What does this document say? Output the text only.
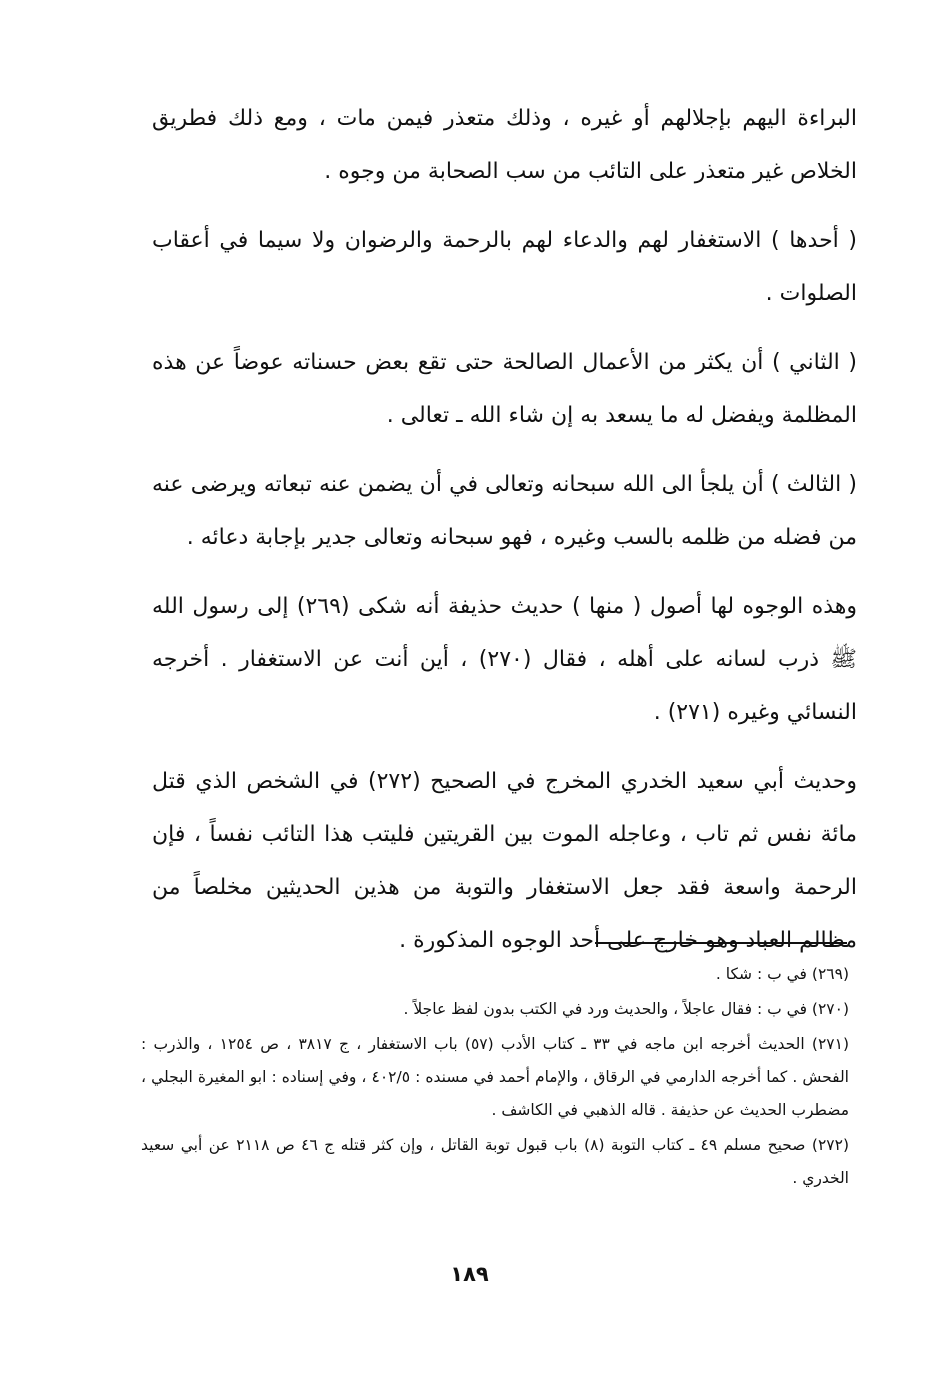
البراءة اليهم بإجلالهم أو غيره ، وذلك متعذر فيمن مات ، ومع ذلك فطريق الخلاص غير متعذر على التائب من سب الصحابة من وجوه .

( أحدها ) الاستغفار لهم والدعاء لهم بالرحمة والرضوان ولا سيما في أعقاب الصلوات .

( الثاني ) أن يكثر من الأعمال الصالحة حتى تقع بعض حسناته عوضاً عن هذه المظلمة ويفضل له ما يسعد به إن شاء الله ـ تعالى .

( الثالث ) أن يلجأ الى الله سبحانه وتعالى في أن يضمن عنه تبعاته ويرضى عنه من فضله من ظلمه بالسب وغيره ، فهو سبحانه وتعالى جدير بإجابة دعائه .

وهذه الوجوه لها أصول ( منها ) حديث حذيفة أنه شكى (٢٦٩) إلى رسول الله ﷺ ذرب لسانه على أهله ، فقال (٢٧٠) ، أين أنت عن الاستغفار . أخرجه النسائي وغيره (٢٧١) .

وحديث أبي سعيد الخدري المخرج في الصحيح (٢٧٢) في الشخص الذي قتل مائة نفس ثم تاب ، وعاجله الموت بين القريتين فليتب هذا التائب نفساً ، فإن الرحمة واسعة فقد جعل الاستغفار والتوبة من هذين الحديثين مخلصاً من مظالم العباد وهو خارج على أحد الوجوه المذكورة .

(٢٦٩) في ب : شكا .

(٢٧٠) في ب : فقال عاجلاً ، والحديث ورد في الكتب بدون لفظ عاجلاً .

(٢٧١) الحديث أخرجه ابن ماجه في ٣٣ ـ كتاب الأدب (٥٧) باب الاستغفار ، ج ٣٨١٧ ، ص ١٢٥٤ ، والذرب : الفحش . كما أخرجه الدارمي في الرقاق ، والإمام أحمد في مسنده : ٤٠٢/٥ ، وفي إسناده : ابو المغيرة البجلي ، مضطرب الحديث عن حذيفة . قاله الذهبي في الكاشف .

(٢٧٢) صحيح مسلم ٤٩ ـ كتاب التوبة (٨) باب قبول توبة القاتل ، وإن كثر قتله ج ٤٦ ص ٢١١٨ عن أبي سعيد الخدري .

١٨٩
